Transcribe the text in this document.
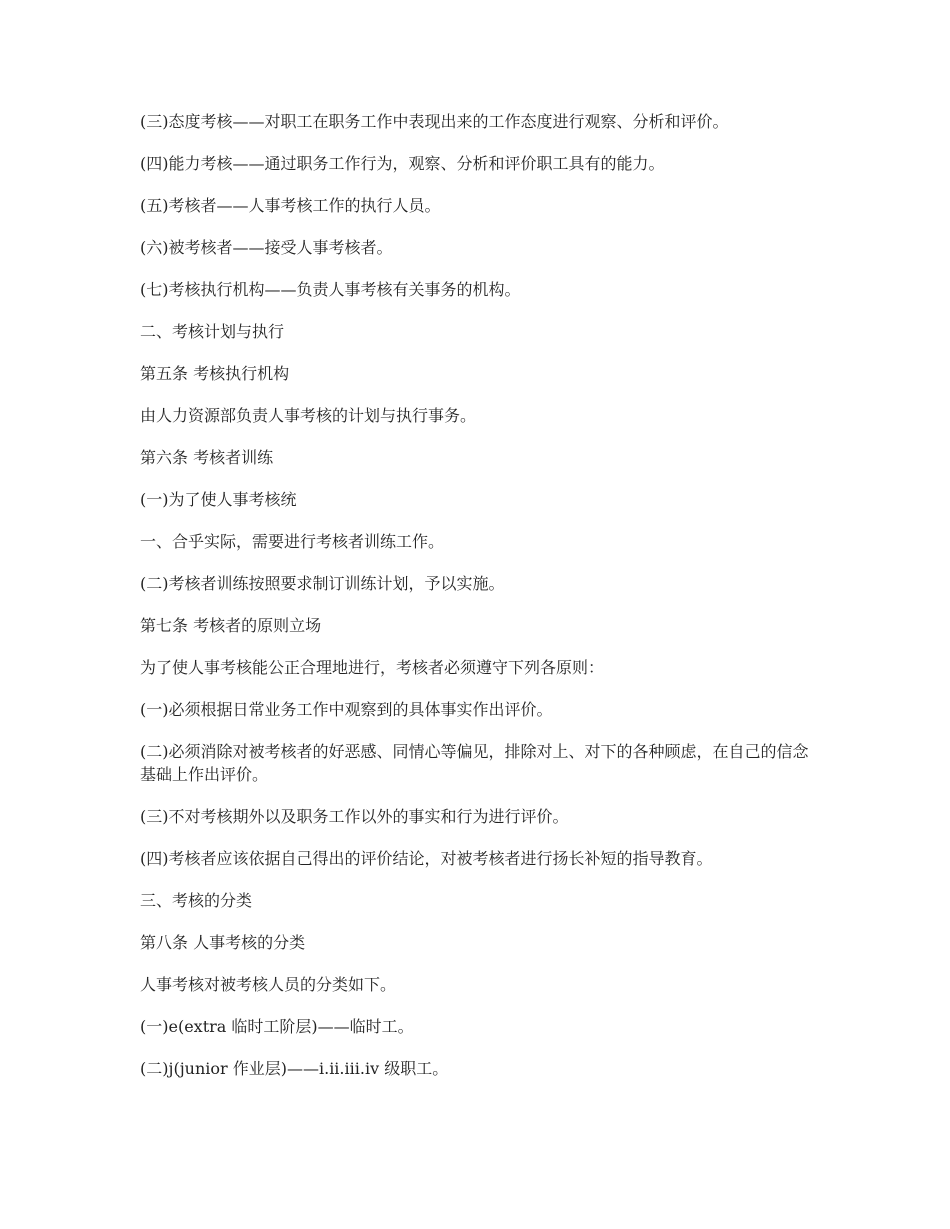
(三)态度考核——对职工在职务工作中表现出来的工作态度进行观察、分析和评价。

(四)能力考核——通过职务工作行为，观察、分析和评价职工具有的能力。

(五)考核者——人事考核工作的执行人员。

(六)被考核者——接受人事考核者。

(七)考核执行机构——负责人事考核有关事务的机构。

二、考核计划与执行

第五条 考核执行机构

由人力资源部负责人事考核的计划与执行事务。

第六条 考核者训练

(一)为了使人事考核统

一、合乎实际，需要进行考核者训练工作。

(二)考核者训练按照要求制订训练计划，予以实施。

第七条 考核者的原则立场

为了使人事考核能公正合理地进行，考核者必须遵守下列各原则：

(一)必须根据日常业务工作中观察到的具体事实作出评价。

(二)必须消除对被考核者的好恶感、同情心等偏见，排除对上、对下的各种顾虑，在自己的信念基础上作出评价。

(三)不对考核期外以及职务工作以外的事实和行为进行评价。

(四)考核者应该依据自己得出的评价结论，对被考核者进行扬长补短的指导教育。

三、考核的分类

第八条 人事考核的分类

人事考核对被考核人员的分类如下。

(一)e(extra 临时工阶层)——临时工。

(二)j(junior 作业层)——i.ii.iii.iv 级职工。
